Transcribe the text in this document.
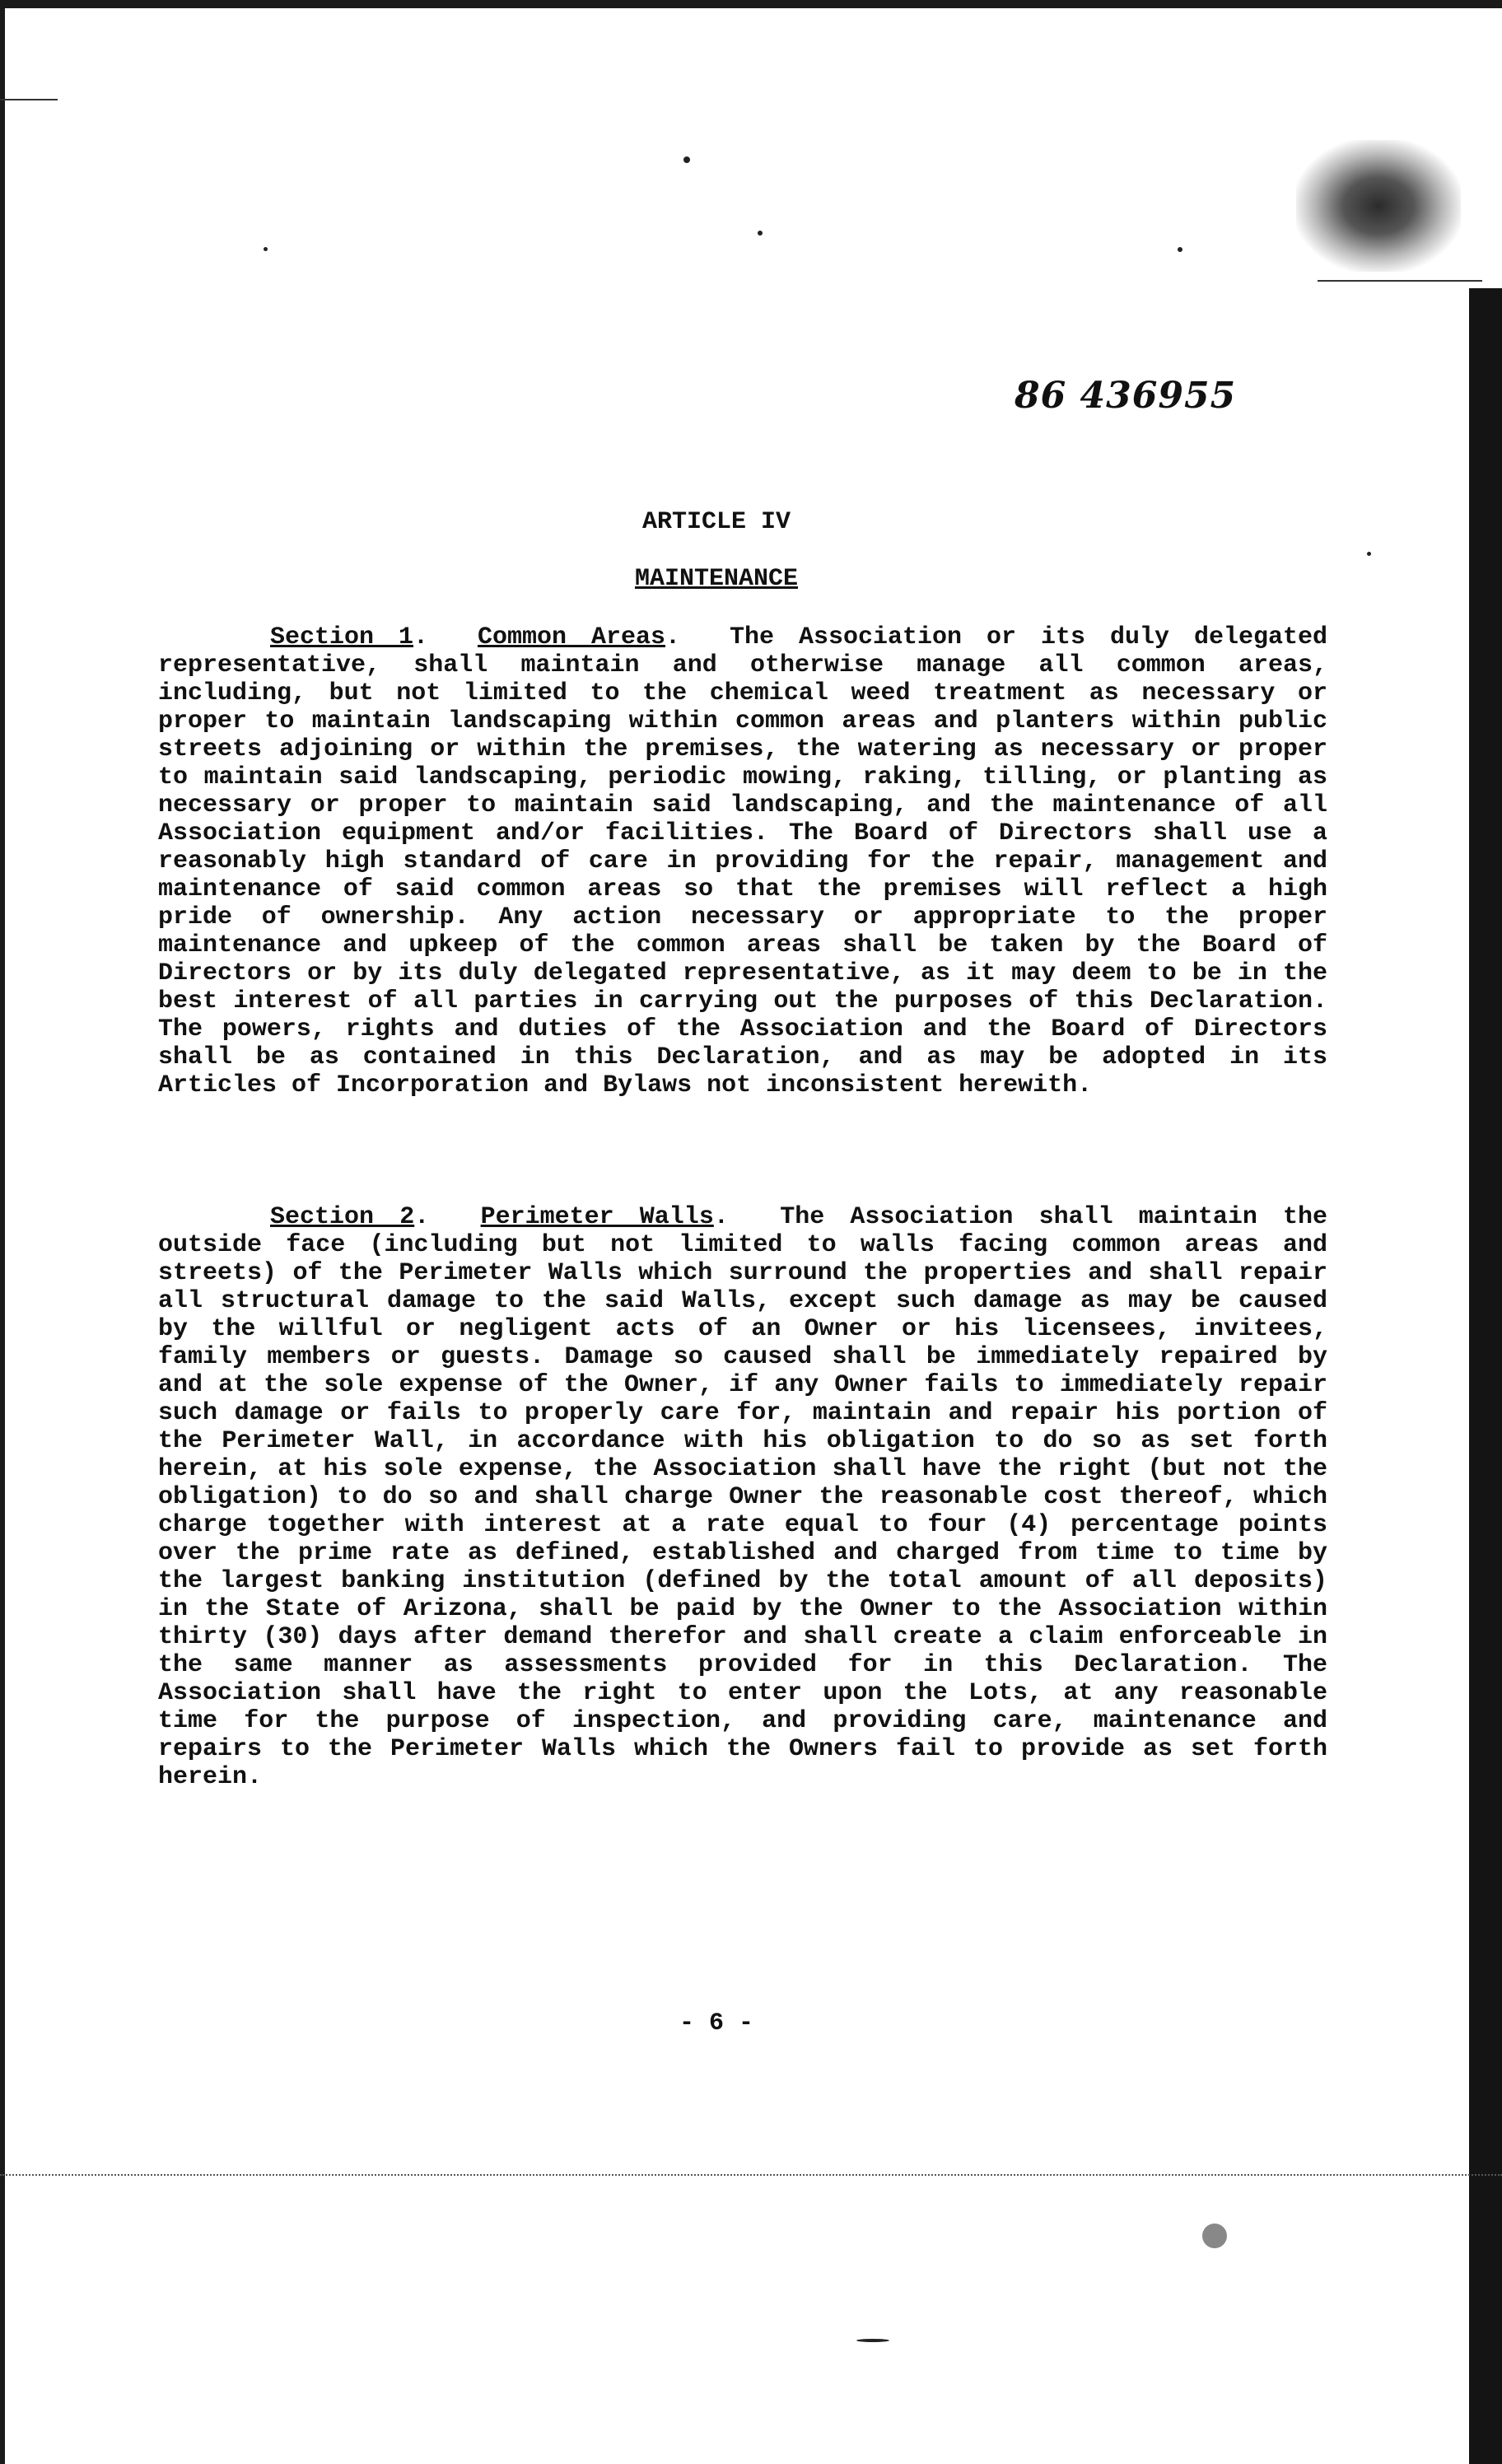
86 436955
ARTICLE IV
MAINTENANCE

Section 1.  Common Areas.  The Association or its duly delegated representative, shall maintain and otherwise manage all common areas, including, but not limited to the chemical weed treatment as necessary or proper to maintain landscaping within common areas and planters within public streets adjoining or within the premises, the watering as necessary or proper to maintain said landscaping, periodic mowing, raking, tilling, or planting as necessary or proper to maintain said landscaping, and the maintenance of all Association equipment and/or facilities. The Board of Directors shall use a reasonably high standard of care in providing for the repair, management and maintenance of said common areas so that the premises will reflect a high pride of ownership. Any action necessary or appropriate to the proper maintenance and upkeep of the common areas shall be taken by the Board of Directors or by its duly delegated representative, as it may deem to be in the best interest of all parties in carrying out the purposes of this Declaration. The powers, rights and duties of the Association and the Board of Directors shall be as contained in this Declaration, and as may be adopted in its Articles of Incorporation and Bylaws not inconsistent herewith.

Section 2.  Perimeter Walls.  The Association shall maintain the outside face (including but not limited to walls facing common areas and streets) of the Perimeter Walls which surround the properties and shall repair all structural damage to the said Walls, except such damage as may be caused by the willful or negligent acts of an Owner or his licensees, invitees, family members or guests. Damage so caused shall be immediately repaired by and at the sole expense of the Owner, if any Owner fails to immediately repair such damage or fails to properly care for, maintain and repair his portion of the Perimeter Wall, in accordance with his obligation to do so as set forth herein, at his sole expense, the Association shall have the right (but not the obligation) to do so and shall charge Owner the reasonable cost thereof, which charge together with interest at a rate equal to four (4) percentage points over the prime rate as defined, established and charged from time to time by the largest banking institution (defined by the total amount of all deposits) in the State of Arizona, shall be paid by the Owner to the Association within thirty (30) days after demand therefor and shall create a claim enforceable in the same manner as assessments provided for in this Declaration. The Association shall have the right to enter upon the Lots, at any reasonable time for the purpose of inspection, and providing care, maintenance and repairs to the Perimeter Walls which the Owners fail to provide as set forth herein.

- 6 -
